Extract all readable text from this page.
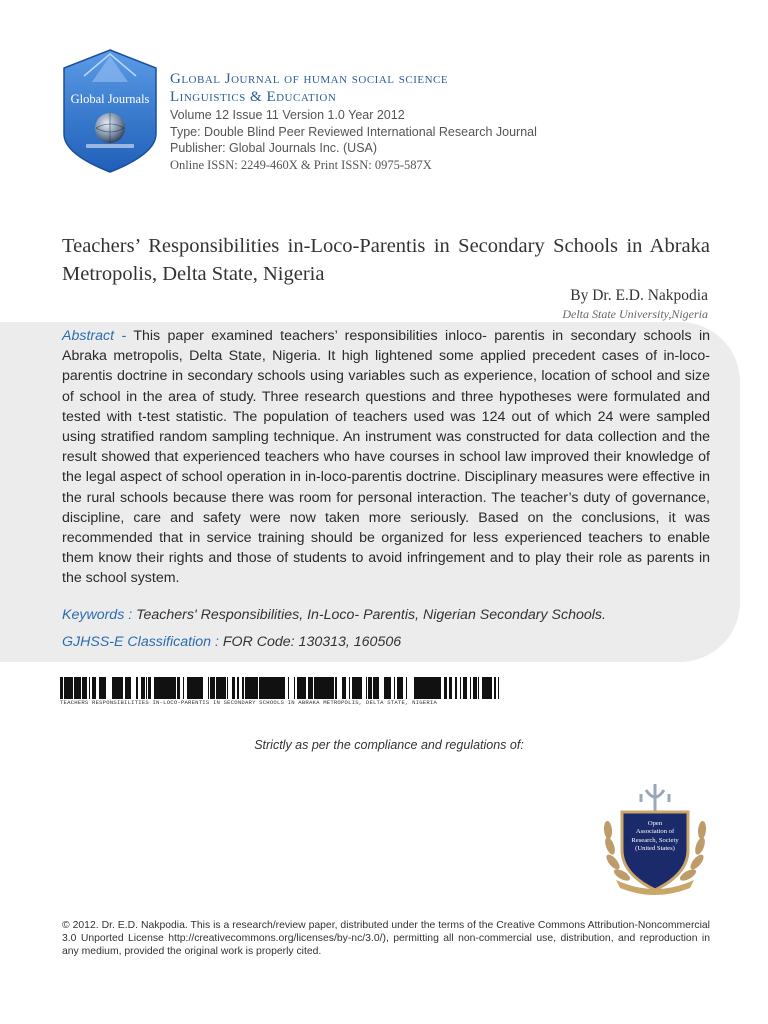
Global Journals
Global Journal of human social science
Linguistics & Education
Volume 12 Issue 11 Version 1.0 Year 2012
Type: Double Blind Peer Reviewed International Research Journal
Publisher: Global Journals Inc. (USA)
Online ISSN: 2249-460X & Print ISSN: 0975-587X
Teachers’ Responsibilities in-Loco-Parentis in Secondary Schools in Abraka Metropolis, Delta State, Nigeria
By Dr. E.D. Nakpodia
Delta State University,Nigeria
Abstract - This paper examined teachers’ responsibilities inloco- parentis in secondary schools in Abraka metropolis, Delta State, Nigeria. It high lightened some applied precedent cases of in-loco-parentis doctrine in secondary schools using variables such as experience, location of school and size of school in the area of study. Three research questions and three hypotheses were formulated and tested with t-test statistic. The population of teachers used was 124 out of which 24 were sampled using stratified random sampling technique. An instrument was constructed for data collection and the result showed that experienced teachers who have courses in school law improved their knowledge of the legal aspect of school operation in in-loco-parentis doctrine. Disciplinary measures were effective in the rural schools because there was room for personal interaction. The teacher’s duty of governance, discipline, care and safety were now taken more seriously. Based on the conclusions, it was recommended that in service training should be organized for less experienced teachers to enable them know their rights and those of students to avoid infringement and to play their role as parents in the school system.
Keywords : Teachers' Responsibilities, In-Loco- Parentis, Nigerian Secondary Schools.
GJHSS-E Classification : FOR Code: 130313, 160506
TEACHERS RESPONSIBILITIES IN-LOCO-PARENTIS IN SECONDARY SCHOOLS IN ABRAKA METROPOLIS, DELTA STATE, NIGERIA
Strictly as per the compliance and regulations of:
Open
Association of
Research, Society
(United States)
© 2012. Dr. E.D. Nakpodia. This is a research/review paper, distributed under the terms of the Creative Commons Attribution-Noncommercial 3.0 Unported License http://creativecommons.org/licenses/by-nc/3.0/), permitting all non-commercial use, distribution, and reproduction in any medium, provided the original work is properly cited.
